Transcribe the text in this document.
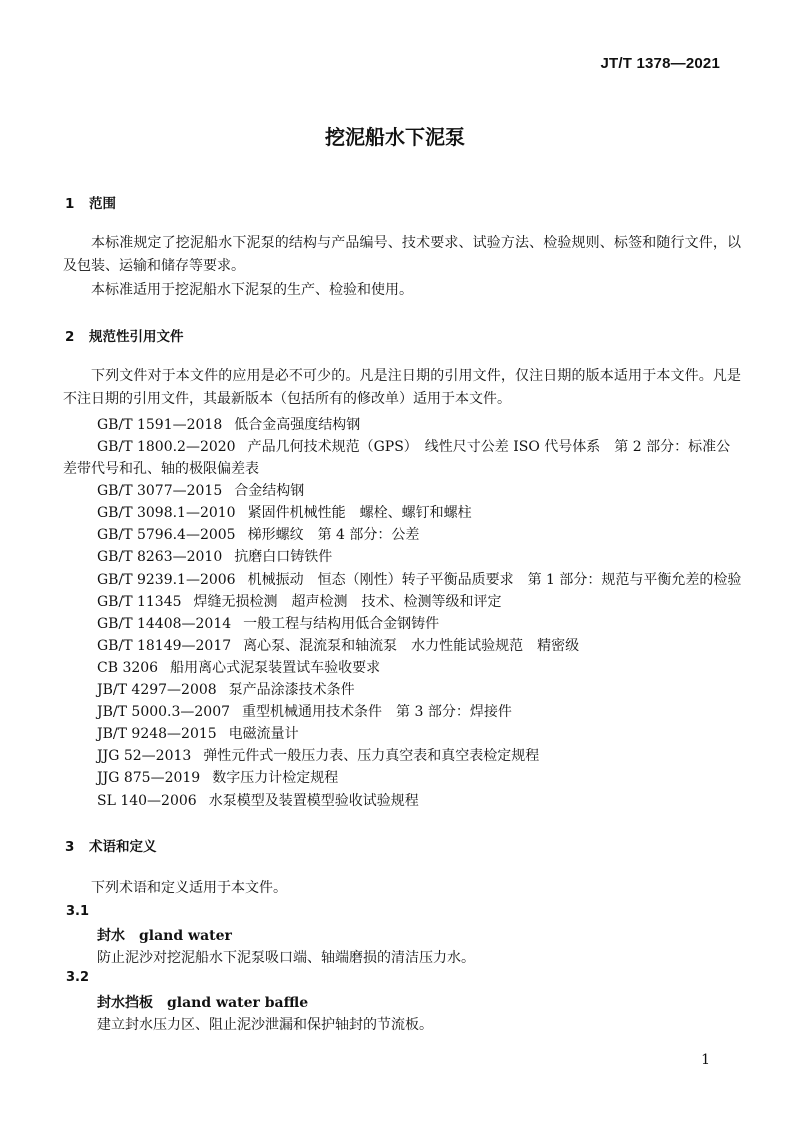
JT/T 1378—2021
挖泥船水下泥泵
1 范围
本标准规定了挖泥船水下泥泵的结构与产品编号、技术要求、试验方法、检验规则、标签和随行文件，以及包装、运输和储存等要求。
本标准适用于挖泥船水下泥泵的生产、检验和使用。
2 规范性引用文件
下列文件对于本文件的应用是必不可少的。凡是注日期的引用文件，仅注日期的版本适用于本文件。凡是不注日期的引用文件，其最新版本（包括所有的修改单）适用于本文件。
GB/T 1591—2018 低合金高强度结构钢
GB/T 1800.2—2020 产品几何技术规范（GPS）　线性尺寸公差 ISO 代号体系　第 2 部分：标准公
差带代号和孔、轴的极限偏差表
GB/T 3077—2015 合金结构钢
GB/T 3098.1—2010 紧固件机械性能　螺栓、螺钉和螺柱
GB/T 5796.4—2005 梯形螺纹　第 4 部分：公差
GB/T 8263—2010 抗磨白口铸铁件
GB/T 9239.1—2006 机械振动　恒态（刚性）转子平衡品质要求　第 1 部分：规范与平衡允差的检验
GB/T 11345 焊缝无损检测　超声检测　技术、检测等级和评定
GB/T 14408—2014 一般工程与结构用低合金钢铸件
GB/T 18149—2017 离心泵、混流泵和轴流泵　水力性能试验规范　精密级
CB 3206 船用离心式泥泵装置试车验收要求
JB/T 4297—2008 泵产品涂漆技术条件
JB/T 5000.3—2007 重型机械通用技术条件　第 3 部分：焊接件
JB/T 9248—2015 电磁流量计
JJG 52—2013 弹性元件式一般压力表、压力真空表和真空表检定规程
JJG 875—2019 数字压力计检定规程
SL 140—2006 水泵模型及装置模型验收试验规程
3 术语和定义
下列术语和定义适用于本文件。
3.1
封水 gland water
防止泥沙对挖泥船水下泥泵吸口端、轴端磨损的清洁压力水。
3.2
封水挡板 gland water baffle
建立封水压力区、阻止泥沙泄漏和保护轴封的节流板。
1
